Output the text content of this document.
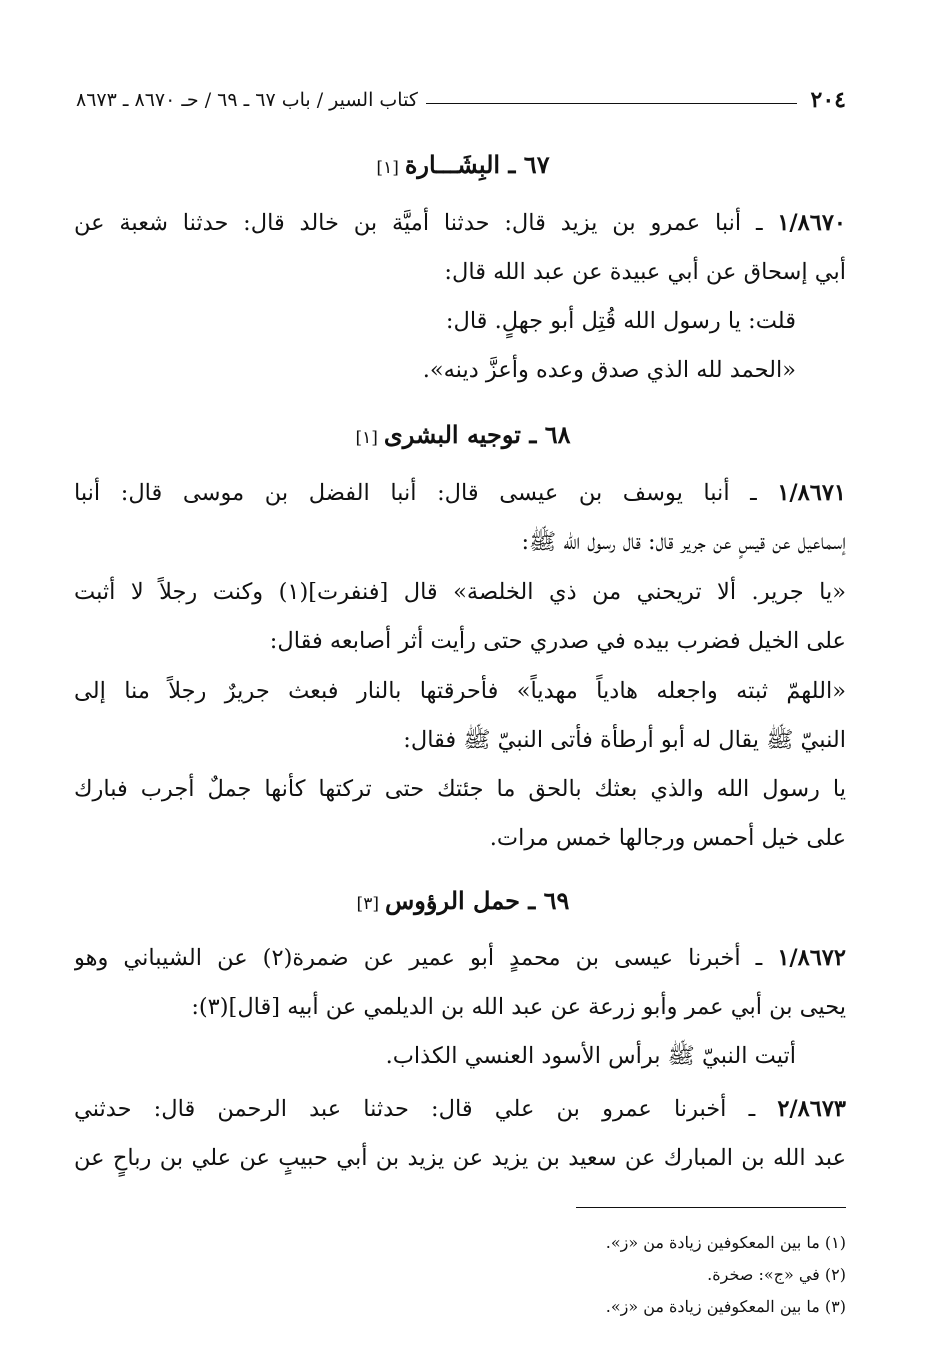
٢٠٤
كتاب السير / باب ٦٧ ـ ٦٩ / حـ ٨٦٧٠ ـ ٨٦٧٣
٦٧ ـ البِشَـــارة[١]
١/٨٦٧٠ ـ أنبا عمرو بن يزيد قال: حدثنا أميَّة بن خالد قال: حدثنا شعبة عن
أبي إسحاق عن أبي عبيدة عن عبد الله قال:
قلت: يا رسول الله قُتِل أبو جهلٍ. قال:
«الحمد لله الذي صدق وعده وأعزَّ دينه».
٦٨ ـ توجيه البشرى[١]
١/٨٦٧١ ـ أنبا يوسف بن عيسى قال: أنبا الفضل بن موسى قال: أنبا
إسماعيل عن قيسٍ عن جرير قال: قال رسول الله ﷺ:
«يا جرير. ألا تريحني من ذي الخلصة» قال [فنفرت](١) وكنت رجلاً لا أثبت
على الخيل فضرب بيده في صدري حتى رأيت أثر أصابعه فقال:
«اللهمّ ثبته واجعله هادياً مهدياً» فأحرقتها بالنار فبعث جريرٌ رجلاً منا إلى
النبيّ ﷺ يقال له أبو أرطأة فأتى النبيّ ﷺ فقال:
يا رسول الله والذي بعثك بالحق ما جئتك حتى تركتها كأنها جملٌ أجرب فبارك
على خيل أحمس ورجالها خمس مرات.
٦٩ ـ حمل الرؤوس[٣]
١/٨٦٧٢ ـ أخبرنا عيسى بن محمدٍ أبو عمير عن ضمرة(٢) عن الشيباني وهو
يحيى بن أبي عمر وأبو زرعة عن عبد الله بن الديلمي عن أبيه [قال](٣):
أتيت النبيّ ﷺ برأس الأسود العنسي الكذاب.
٢/٨٦٧٣ ـ أخبرنا عمرو بن علي قال: حدثنا عبد الرحمن قال: حدثني
عبد الله بن المبارك عن سعيد بن يزيد عن يزيد بن أبي حبيبٍ عن علي بن رباحٍ عن
(١) ما بين المعكوفين زيادة من «ز».
(٢) في «ج»: صخرة.
(٣) ما بين المعكوفين زيادة من «ز».
